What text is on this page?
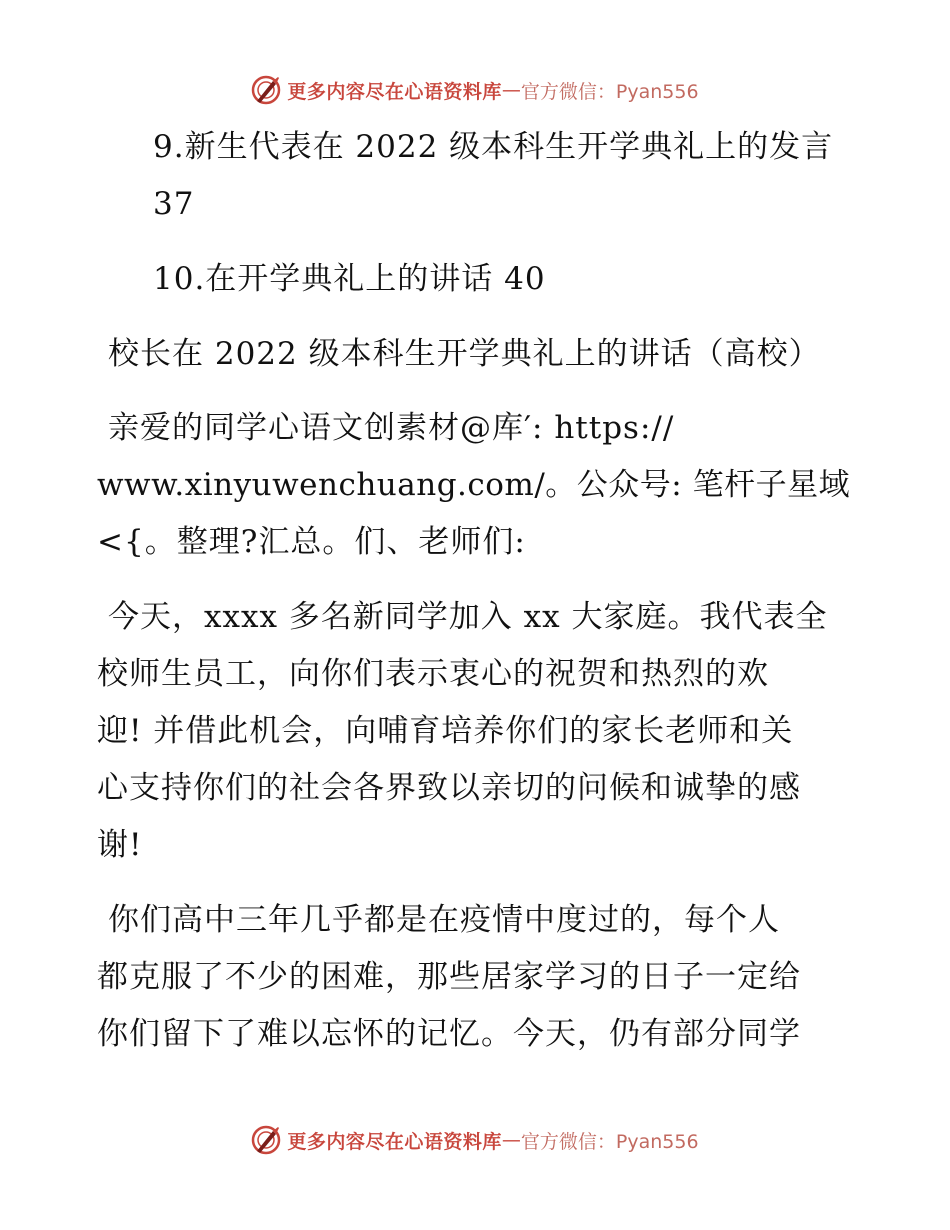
更多内容尽在心语资料库 — 官方微信：Pyan556
9.新生代表在 2022 级本科生开学典礼上的发言
37
10.在开学典礼上的讲话 40
校长在 2022 级本科生开学典礼上的讲话（高校）
亲爱的同学心语文创素材@库′: https://
www.xinyuwenchuang.com/。公众号: 笔杆子星域
<{。整理?汇总。们、老师们:
今天，xxxx 多名新同学加入 xx 大家庭。我代表全
校师生员工，向你们表示衷心的祝贺和热烈的欢
迎! 并借此机会，向哺育培养你们的家长老师和关
心支持你们的社会各界致以亲切的问候和诚挚的感
谢!
你们高中三年几乎都是在疫情中度过的，每个人
都克服了不少的困难，那些居家学习的日子一定给
你们留下了难以忘怀的记忆。今天，仍有部分同学
更多内容尽在心语资料库 — 官方微信：Pyan556
